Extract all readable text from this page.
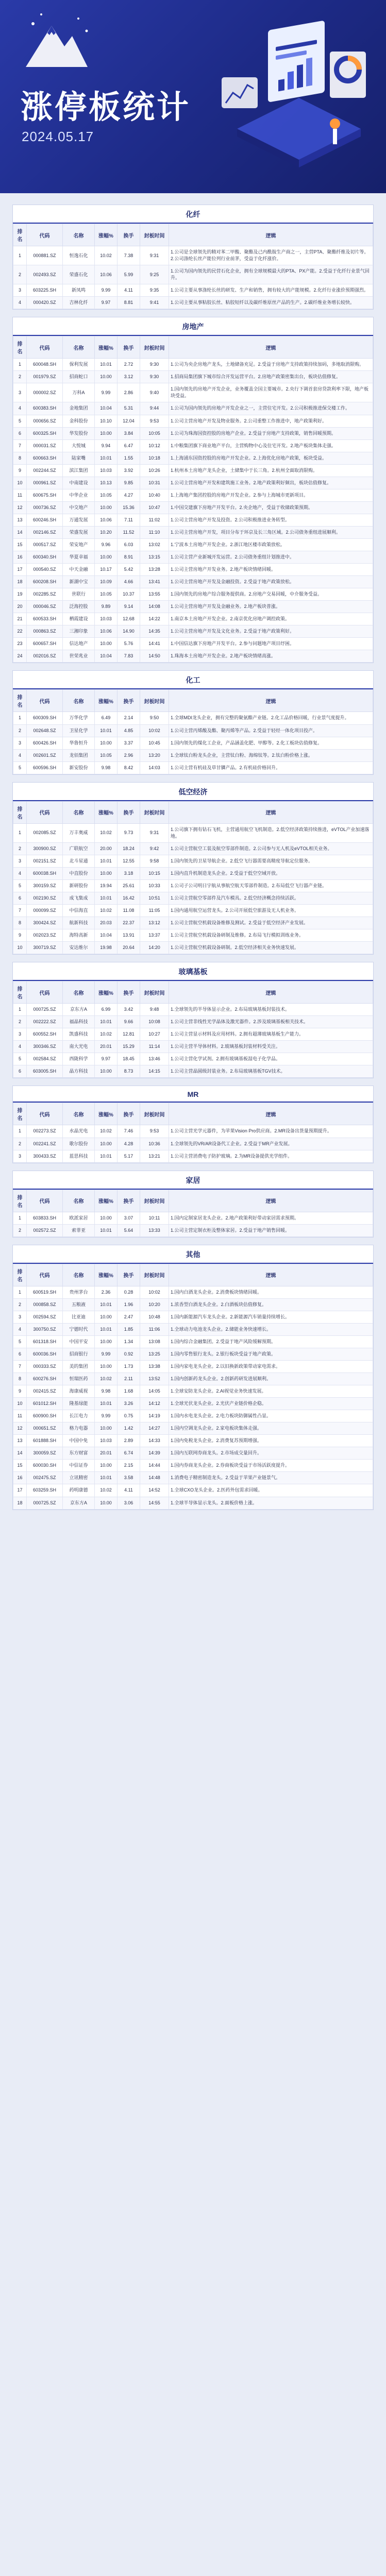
涨停板统计
2024.05.17
化纤
排名	代码	名称	涨幅%	换手	封板时间	逻辑
1	000881.SZ	恒逸石化	10.02	7.38	9:31	1.公司是全球领先的精对苯二甲酸、聚酯及己内酰胺生产商之一，主营PTA、聚酯纤维及切片等。2.公司涤纶长丝产能位列行业前茅，受益于化纤涨价。
2	002493.SZ	荣盛石化	10.06	5.99	9:25	1.公司为国内领先的民营石化企业，拥有全球规模最大的PTA、PX产能。2.受益于化纤行业景气回升。
3	603225.SH	新凤鸣	9.99	4.11	9:35	1.公司主要从事涤纶长丝的研发、生产和销售，拥有较大的产能规模。2.化纤行业涨价预期强烈。
4	000420.SZ	吉林化纤	9.97	8.81	9:41	1.公司主要从事粘胶长丝、粘胶短纤以及碳纤维原丝产品的生产。2.碳纤维业务增长较快。
房地产
排名	代码	名称	涨幅%	换手	封板时间	逻辑
1	600048.SH	保利发展	10.01	2.72	9:30	1.公司为央企房地产龙头，土地储备充足。2.受益于房地产支持政策持续加码，多地取消限购。
2	001979.SZ	招商蛇口	10.00	3.12	9:30	1.招商局集团旗下城市综合开发运营平台。2.房地产政策密集出台，板块估值修复。
3	000002.SZ	万科A	9.99	2.86	9:40	1.国内领先的房地产开发企业，业务覆盖全国主要城市。2.央行下调首套房贷款利率下限，地产板块受益。
4	600383.SH	金地集团	10.04	5.31	9:44	1.公司为国内领先的房地产开发企业之一，主营住宅开发。2.公司积极推进保交楼工作。
5	000656.SZ	金科股份	10.10	12.04	9:53	1.公司主营房地产开发及物业服务。2.公司重整工作推进中，地产政策利好。
6	600325.SH	华发股份	10.00	3.84	10:05	1.公司为珠海国资控股的房地产企业。2.受益于房地产支持政策，销售回暖预期。
7	000031.SZ	大悦城	9.94	6.47	10:12	1.中粮集团旗下商业地产平台，主营购物中心及住宅开发。2.地产板块集体走强。
8	600663.SH	陆家嘴	10.01	1.55	10:18	1.上海浦东国资控股的房地产开发企业。2.上海优化房地产政策，板块受益。
9	002244.SZ	滨江集团	10.03	3.92	10:26	1.杭州本土房地产龙头企业，土储集中于长三角。2.杭州全面取消限购。
10	000961.SZ	中南建设	10.13	9.85	10:31	1.公司主营房地产开发和建筑施工业务。2.地产政策利好频出，板块估值修复。
11	600675.SH	中华企业	10.05	4.27	10:40	1.上海地产集团控股的房地产开发企业。2.参与上海城市更新项目。
12	000736.SZ	中交地产	10.00	15.36	10:47	1.中国交建旗下房地产开发平台。2.央企地产，受益于收储政策预期。
13	600246.SH	万通发展	10.06	7.11	11:02	1.公司主营房地产开发及投资。2.公司积极推进业务转型。
14	002146.SZ	荣盛发展	10.20	11.52	11:10	1.公司主营房地产开发，项目分布于环京及长三角区域。2.公司债务重组进展顺利。
15	000517.SZ	荣安地产	9.96	6.03	13:02	1.宁波本土房地产开发企业。2.浙江地区楼市政策放松。
16	600340.SH	华夏幸福	10.00	8.91	13:15	1.公司主营产业新城开发运营。2.公司债务重组计划推进中。
17	000540.SZ	中天金融	10.17	5.42	13:28	1.公司主营房地产开发业务。2.地产板块情绪回暖。
18	600208.SH	新湖中宝	10.09	4.66	13:41	1.公司主营房地产开发及金融投资。2.受益于地产政策放松。
19	002285.SZ	世联行	10.05	10.37	13:55	1.国内领先的房地产综合服务提供商。2.房地产交易回暖，中介服务受益。
20	000046.SZ	泛海控股	9.89	9.14	14:08	1.公司主营房地产开发及金融业务。2.地产板块普涨。
21	600533.SH	栖霞建设	10.03	12.68	14:22	1.南京本土房地产开发企业。2.南京优化房地产调控政策。
22	000863.SZ	三湘印象	10.06	14.90	14:35	1.公司主营房地产开发及文化业务。2.受益于地产政策利好。
23	600657.SH	信达地产	10.00	5.76	14:41	1.中国信达旗下房地产开发平台。2.参与问题地产项目纾困。
24	002016.SZ	世荣兆业	10.04	7.83	14:50	1.珠海本土房地产开发企业。2.地产板块情绪高涨。
化工
排名	代码	名称	涨幅%	换手	封板时间	逻辑
1	600309.SH	万华化学	6.49	2.14	9:50	1.全球MDI龙头企业，拥有完整的聚氨酯产业链。2.化工品价格回暖，行业景气度提升。
2	002648.SZ	卫星化学	10.01	4.85	10:02	1.公司主营丙烯酸及酯、聚丙烯等产品。2.受益于轻烃一体化项目投产。
3	600426.SH	华鲁恒升	10.00	3.37	10:45	1.国内领先的煤化工企业，产品涵盖化肥、甲醇等。2.化工板块估值修复。
4	002601.SZ	龙佰集团	10.05	2.96	13:20	1.全球钛白粉龙头企业，主营钛白粉、海绵钛等。2.钛白粉价格上涨。
5	600596.SH	新安股份	9.98	8.42	14:03	1.公司主营有机硅及草甘膦产品。2.有机硅价格回升。
低空经济
排名	代码	名称	涨幅%	换手	封板时间	逻辑
1	002085.SZ	万丰奥威	10.02	9.73	9:31	1.公司旗下拥有钻石飞机，主营通用航空飞机制造。2.低空经济政策持续推进，eVTOL产业加速落地。
2	300900.SZ	广联航空	20.00	18.24	9:42	1.公司主营航空工装及航空零部件制造。2.公司参与无人机及eVTOL相关业务。
3	002151.SZ	北斗星通	10.01	12.55	9:58	1.国内领先的卫星导航企业。2.低空飞行器需要高精度导航定位服务。
4	600038.SH	中直股份	10.00	3.18	10:15	1.国内直升机制造龙头企业。2.受益于低空空域开放。
5	300159.SZ	新研股份	19.94	25.61	10:33	1.公司子公司明日宇航从事航空航天零部件制造。2.布局低空飞行器产业链。
6	002190.SZ	成飞集成	10.01	16.42	10:51	1.公司主营航空零部件及汽车模具。2.低空经济概念持续活跃。
7	000099.SZ	中信海直	10.02	11.08	11:05	1.国内通用航空运营龙头。2.公司开展低空旅游及无人机业务。
8	300424.SZ	航新科技	20.03	22.37	13:12	1.公司主营航空机载设备维修及测试。2.受益于低空经济产业发展。
9	002023.SZ	海特高新	10.04	13.91	13:37	1.公司主营航空机载设备研制及维修。2.布局飞行模拟训练业务。
10	300719.SZ	安达维尔	19.98	20.64	14:20	1.公司主营航空机载设备研制。2.低空经济相关业务快速发展。
玻璃基板
排名	代码	名称	涨幅%	换手	封板时间	逻辑
1	000725.SZ	京东方A	6.99	3.42	9:48	1.全球领先的半导体显示企业。2.布局玻璃基板封装技术。
2	002222.SZ	福晶科技	10.01	9.66	10:08	1.公司主营非线性光学晶体及激光器件。2.涉及玻璃基板相关技术。
3	600552.SH	凯盛科技	10.02	12.81	10:27	1.公司主营显示材料及应用材料。2.拥有超薄玻璃基板生产能力。
4	300346.SZ	南大光电	20.01	15.29	11:14	1.公司主营半导体材料。2.玻璃基板封装材料受关注。
5	002584.SZ	西陇科学	9.97	18.45	13:46	1.公司主营化学试剂。2.拥有玻璃基板湿电子化学品。
6	603005.SH	晶方科技	10.00	8.73	14:15	1.公司主营晶圆级封装业务。2.布局玻璃基板TGV技术。
MR
排名	代码	名称	涨幅%	换手	封板时间	逻辑
1	002273.SZ	水晶光电	10.02	7.46	9:53	1.公司主营光学元器件，为苹果Vision Pro供应商。2.MR设备出货量预期提升。
2	002241.SZ	歌尔股份	10.00	4.28	10:36	1.全球领先的VR/AR设备代工企业。2.受益于MR产业发展。
3	300433.SZ	蓝思科技	10.01	5.17	13:21	1.公司主营消费电子防护玻璃。2.为MR设备提供光学组件。
家居
排名	代码	名称	涨幅%	换手	封板时间	逻辑
1	603833.SH	欧派家居	10.00	3.07	10:11	1.国内定制家居龙头企业。2.地产政策利好带动家居需求预期。
2	002572.SZ	索菲亚	10.01	5.64	13:33	1.公司主营定制衣柜及整体家居。2.受益于地产销售回暖。
其他
排名	代码	名称	涨幅%	换手	封板时间	逻辑
1	600519.SH	贵州茅台	2.36	0.28	10:02	1.国内白酒龙头企业。2.消费板块情绪回暖。
2	000858.SZ	五粮液	10.01	1.96	10:20	1.浓香型白酒龙头企业。2.白酒板块估值修复。
3	002594.SZ	比亚迪	10.00	2.47	10:48	1.国内新能源汽车龙头企业。2.新能源汽车销量持续增长。
4	300750.SZ	宁德时代	10.01	1.85	11:06	1.全球动力电池龙头企业。2.储能业务快速增长。
5	601318.SH	中国平安	10.00	1.34	13:08	1.国内综合金融集团。2.受益于地产风险缓解预期。
6	600036.SH	招商银行	9.99	0.92	13:25	1.国内零售银行龙头。2.银行板块受益于地产政策。
7	000333.SZ	美的集团	10.00	1.73	13:38	1.国内家电龙头企业。2.以旧换新政策带动家电需求。
8	600276.SH	恒瑞医药	10.02	2.11	13:52	1.国内创新药龙头企业。2.创新药研发进展顺利。
9	002415.SZ	海康威视	9.98	1.68	14:05	1.全球安防龙头企业。2.AI视觉业务快速发展。
10	601012.SH	隆基绿能	10.01	3.26	14:12	1.全球光伏龙头企业。2.光伏产业链价格企稳。
11	600900.SH	长江电力	9.99	0.75	14:19	1.国内水电龙头企业。2.电力板块防御属性凸显。
12	000651.SZ	格力电器	10.00	1.42	14:27	1.国内空调龙头企业。2.家电板块集体走强。
13	601888.SH	中国中免	10.03	2.89	14:33	1.国内免税龙头企业。2.消费复苏预期增强。
14	300059.SZ	东方财富	20.01	6.74	14:39	1.国内互联网券商龙头。2.市场成交量回升。
15	600030.SH	中信证券	10.00	2.15	14:44	1.国内券商龙头企业。2.券商板块受益于市场活跃度提升。
16	002475.SZ	立讯精密	10.01	3.58	14:48	1.消费电子精密制造龙头。2.受益于苹果产业链景气。
17	603259.SH	药明康德	10.02	4.11	14:52	1.全球CXO龙头企业。2.医药外包需求回暖。
18	000725.SZ	京东方A	10.00	3.06	14:55	1.全球半导体显示龙头。2.面板价格上涨。
